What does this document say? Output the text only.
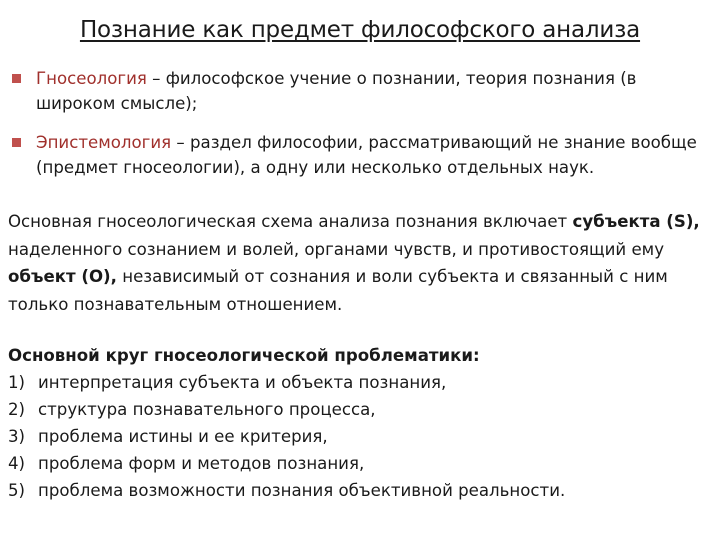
Познание как предмет философского анализа
Гносеология – философское учение о познании, теория познания (в широком смысле);
Эпистемология – раздел философии, рассматривающий не знание вообще (предмет гносеологии), а одну или несколько отдельных наук.
Основная гносеологическая схема анализа познания включает субъекта (S), наделенного сознанием и волей, органами чувств, и противостоящий ему объект (О), независимый от сознания и воли субъекта и связанный с ним только познавательным отношением.
Основной круг гносеологической проблематики:
1) интерпретация субъекта и объекта познания,
2) структура познавательного процесса,
3) проблема истины и ее критерия,
4) проблема форм и методов познания,
5) проблема возможности познания объективной реальности.
